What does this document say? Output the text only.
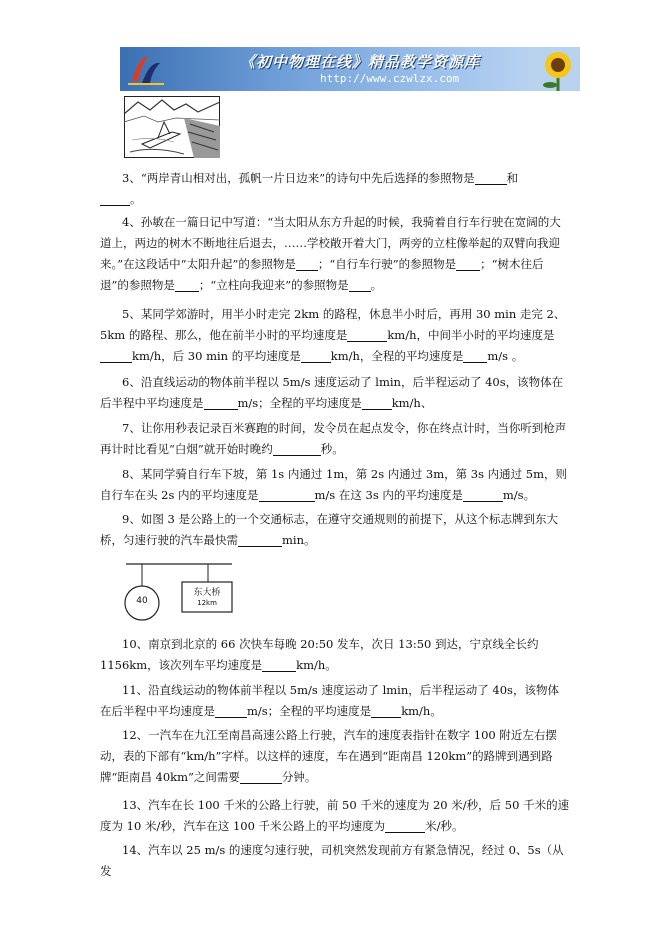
《初中物理在线》精品教学资源库
http://www.czwlzx.com

3、“两岸青山相对出，孤帆一片日边来”的诗句中先后选择的参照物是	和

。

4、孙敏在一篇日记中写道：“当太阳从东方升起的时候，我骑着自行车行驶在宽阔的大道上，两边的树木不断地往后退去，……学校敞开着大门，两旁的立柱像举起的双臂向我迎来。”在这段话中“太阳升起”的参照物是 ；“自行车行驶”的参照物是 ；“树木往后退”的参照物是 ；“立柱向我迎来”的参照物是 。

5、某同学郊游时，用半小时走完 2km 的路程，休息半小时后，再用 30 min 走完 2、5km 的路程、那么，他在前半小时的平均速度是	km/h，中间半小时的平均速度是
km/h，后 30 min 的平均速度是	km/h，全程的平均速度是 m/s 。

6、沿直线运动的物体前半程以 5m/s 速度运动了 lmin，后半程运动了 40s，该物体在后半程中平均速度是	m/s；全程的平均速度是	km/h、

7、让你用秒表记录百米赛跑的时间，发令员在起点发令，你在终点计时，当你听到枪声再计时比看见“白烟”就开始时晚约	秒。

8、某同学骑自行车下坡，第 1s 内通过 1m，第 2s 内通过 3m，第 3s 内通过 5m，则自行车在头 2s 内的平均速度是	m/s 在这 3s 内的平均速度是	m/s。

9、如图 3 是公路上的一个交通标志，在遵守交通规则的前提下，从这个标志牌到东大桥，匀速行驶的汽车最快需	min。

40
东大桥
12km

10、南京到北京的 66 次快车每晚 20:50 发车，次日 13:50 到达，宁京线全长约 1156km，该次列车平均速度是	km/h。

11、沿直线运动的物体前半程以 5m/s 速度运动了 lmin，后半程运动了 40s，该物体在后半程中平均速度是	m/s；全程的平均速度是	km/h。

12、一汽车在九江至南昌高速公路上行驶，汽车的速度表指针在数字 100 附近左右摆动，表的下部有“km/h”字样。以这样的速度，车在遇到“距南昌 120km”的路牌到遇到路牌“距南昌 40km”之间需要	分钟。

13、汽车在长 100 千米的公路上行驶，前 50 千米的速度为 20 米/秒，后 50 千米的速度为 10 米/秒，汽车在这 100 千米公路上的平均速度为	米/秒。

14、汽车以 25 m/s 的速度匀速行驶，司机突然发现前方有紧急情况，经过 0、5s（从发
